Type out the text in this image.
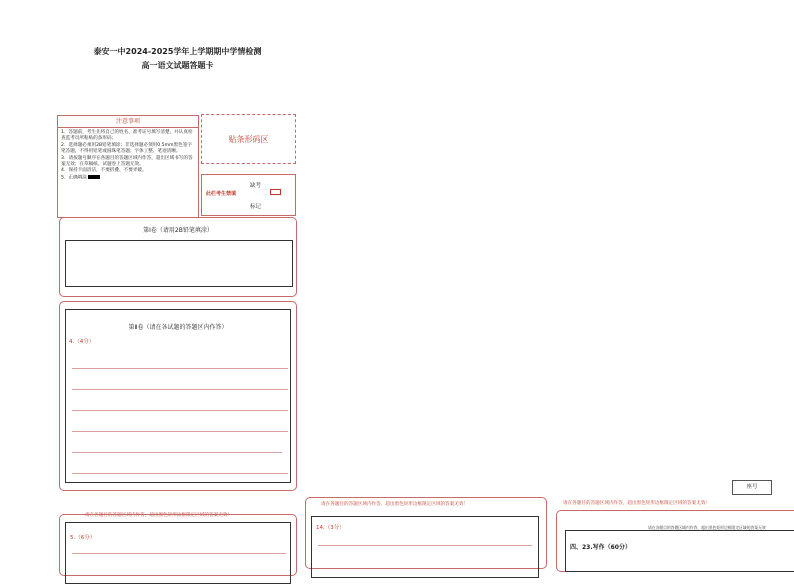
泰安一中2024-2025学年上学期期中学情检测
高一语文试题答题卡
注意事项
1．答题前，考生先将自己的姓名、准考证号填写清楚，并认真检查监考员所粘贴的条形码；
2．选择题必须用2B铅笔填涂；非选择题必须用0.5mm黑色签字笔答题，不得用铅笔或圆珠笔答题；字体工整、笔迹清晰。
3．请按题号顺序在各题目的答题区域内作答，超出区域书写的答案无效；在草稿纸、试题卷上答题无效。
4．保持卡面清洁，不要折叠、不要弄破。
5．正确填涂
贴条形码区
缺考
此栏考生禁填
标记
第Ⅰ卷（请用2B铅笔填涂）
第Ⅱ卷（请在各试题的答题区内作答）
4.（4分）
座号
请在各题目的答题区域内作答，超出黑色矩形边框限定区域的答案无效！
5.（6分）
请在各题目的答题区域内作答，超出黑色矩形边框限定区域的答案无效！
14.（3分）
请在各题目的答题区域内作答，超出黑色矩形边框限定区域的答案无效！
请在各题目的答题区域内作答，超出黑色矩形边框限定区域的答案无效
四、23.写作（60分）
